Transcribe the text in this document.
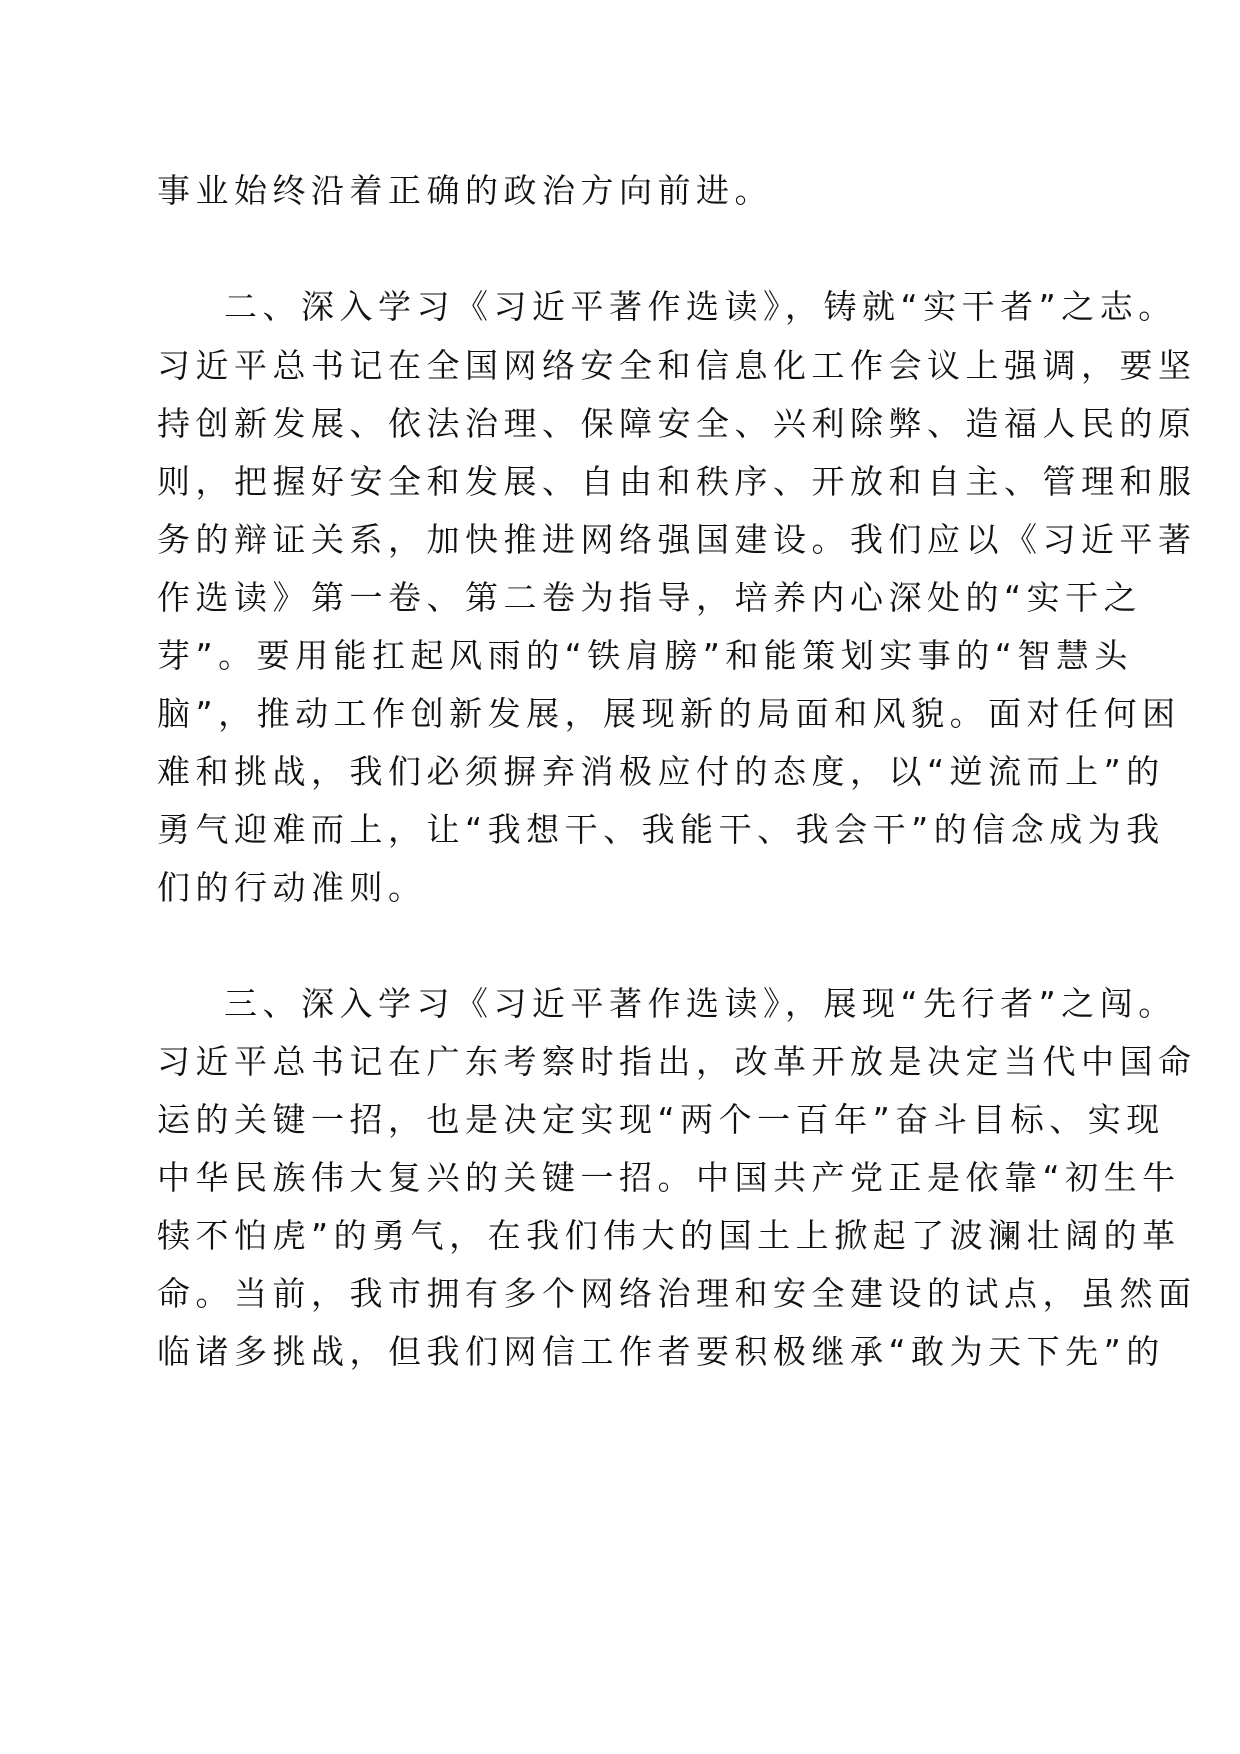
事业始终沿着正确的政治方向前进。
二、深入学习《习近平著作选读》，铸就“实干者”之志。
习近平总书记在全国网络安全和信息化工作会议上强调，要坚
持创新发展、依法治理、保障安全、兴利除弊、造福人民的原
则，把握好安全和发展、自由和秩序、开放和自主、管理和服
务的辩证关系，加快推进网络强国建设。我们应以《习近平著
作选读》第一卷、第二卷为指导，培养内心深处的“实干之
芽”。要用能扛起风雨的“铁肩膀”和能策划实事的“智慧头
脑”，推动工作创新发展，展现新的局面和风貌。面对任何困
难和挑战，我们必须摒弃消极应付的态度，以“逆流而上”的
勇气迎难而上，让“我想干、我能干、我会干”的信念成为我
们的行动准则。
三、深入学习《习近平著作选读》，展现“先行者”之闯。
习近平总书记在广东考察时指出，改革开放是决定当代中国命
运的关键一招，也是决定实现“两个一百年”奋斗目标、实现
中华民族伟大复兴的关键一招。中国共产党正是依靠“初生牛
犊不怕虎”的勇气，在我们伟大的国土上掀起了波澜壮阔的革
命。当前，我市拥有多个网络治理和安全建设的试点，虽然面
临诸多挑战，但我们网信工作者要积极继承“敢为天下先”的
